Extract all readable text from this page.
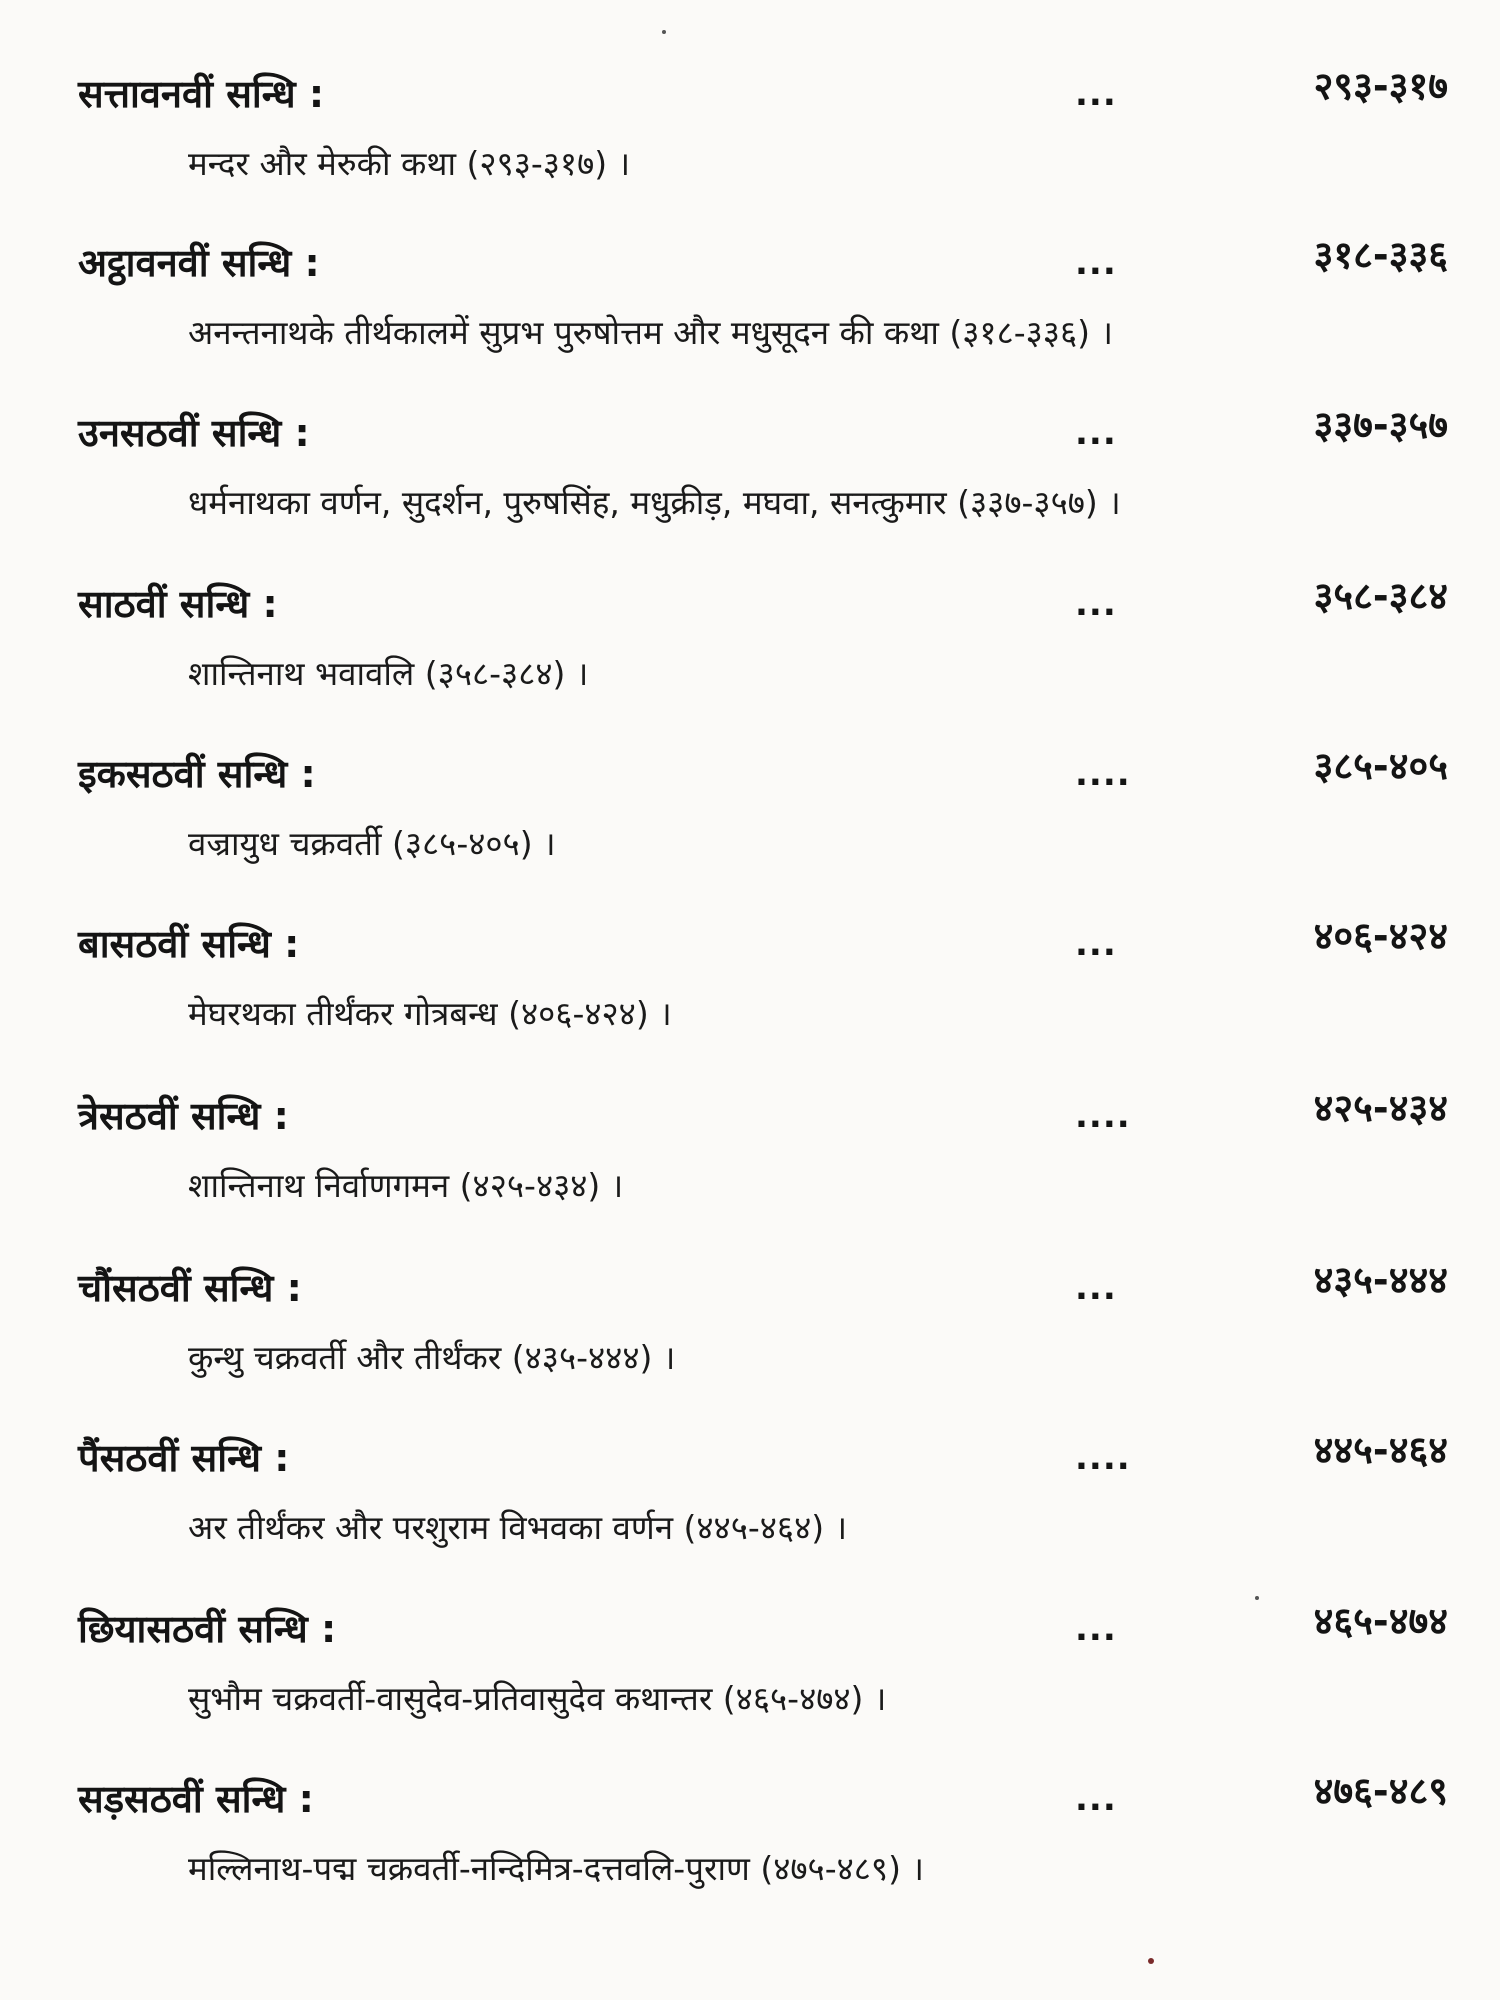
सत्तावनवीं सन्धि :	...	२९३-३१७
मन्दर और मेरुकी कथा (२९३-३१७) ।
अट्ठावनवीं सन्धि :	...	३१८-३३६
अनन्तनाथके तीर्थकालमें सुप्रभ पुरुषोत्तम और मधुसूदन की कथा (३१८-३३६) ।
उनसठवीं सन्धि :	...	३३७-३५७
धर्मनाथका वर्णन, सुदर्शन, पुरुषसिंह, मधुक्रीड़, मघवा, सनत्कुमार (३३७-३५७) ।
साठवीं सन्धि :	...	३५८-३८४
शान्तिनाथ भवावलि (३५८-३८४) ।
इकसठवीं सन्धि :	....	३८५-४०५
वज्रायुध चक्रवर्ती (३८५-४०५) ।
बासठवीं सन्धि :	...	४०६-४२४
मेघरथका तीर्थंकर गोत्रबन्ध (४०६-४२४) ।
त्रेसठवीं सन्धि :	....	४२५-४३४
शान्तिनाथ निर्वाणगमन (४२५-४३४) ।
चौंसठवीं सन्धि :	...	४३५-४४४
कुन्थु चक्रवर्ती और तीर्थंकर (४३५-४४४) ।
पैंसठवीं सन्धि :	....	४४५-४६४
अर तीर्थंकर और परशुराम विभवका वर्णन (४४५-४६४) ।
छियासठवीं सन्धि :	...	४६५-४७४
सुभौम चक्रवर्ती-वासुदेव-प्रतिवासुदेव कथान्तर (४६५-४७४) ।
सड़सठवीं सन्धि :	...	४७६-४८९
मल्लिनाथ-पद्म चक्रवर्ती-नन्दिमित्र-दत्तवलि-पुराण (४७५-४८९) ।
